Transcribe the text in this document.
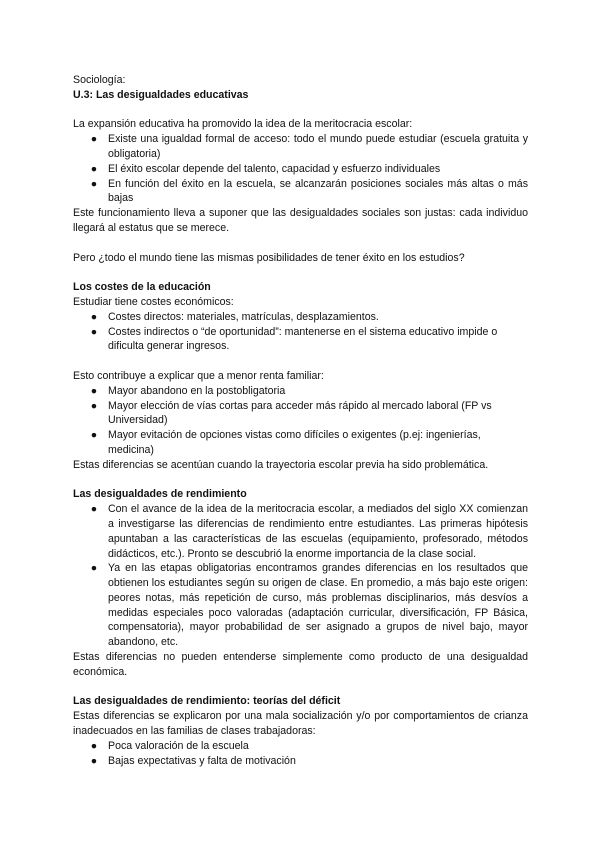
Sociología:

U.3: Las desigualdades educativas

La expansión educativa ha promovido la idea de la meritocracia escolar:

● Existe una igualdad formal de acceso: todo el mundo puede estudiar (escuela gratuita y obligatoria)
● El éxito escolar depende del talento, capacidad y esfuerzo individuales
● En función del éxito en la escuela, se alcanzarán posiciones sociales más altas o más bajas

Este funcionamiento lleva a suponer que las desigualdades sociales son justas: cada individuo llegará al estatus que se merece.

Pero ¿todo el mundo tiene las mismas posibilidades de tener éxito en los estudios?

Los costes de la educación

Estudiar tiene costes económicos:

● Costes directos: materiales, matrículas, desplazamientos.
● Costes indirectos o “de oportunidad”: mantenerse en el sistema educativo impide o dificulta generar ingresos.

Esto contribuye a explicar que a menor renta familiar:

● Mayor abandono en la postobligatoria
● Mayor elección de vías cortas para acceder más rápido al mercado laboral (FP vs Universidad)
● Mayor evitación de opciones vistas como difíciles o exigentes (p.ej: ingenierías, medicina)

Estas diferencias se acentúan cuando la trayectoria escolar previa ha sido problemática.

Las desigualdades de rendimiento

● Con el avance de la idea de la meritocracia escolar, a mediados del siglo XX comienzan a investigarse las diferencias de rendimiento entre estudiantes. Las primeras hipótesis apuntaban a las características de las escuelas (equipamiento, profesorado, métodos didácticos, etc.). Pronto se descubrió la enorme importancia de la clase social.
● Ya en las etapas obligatorias encontramos grandes diferencias en los resultados que obtienen los estudiantes según su origen de clase. En promedio, a más bajo este origen: peores notas, más repetición de curso, más problemas disciplinarios, más desvíos a medidas especiales poco valoradas (adaptación curricular, diversificación, FP Básica, compensatoria), mayor probabilidad de ser asignado a grupos de nivel bajo, mayor abandono, etc.

Estas diferencias no pueden entenderse simplemente como producto de una desigualdad económica.

Las desigualdades de rendimiento: teorías del déficit

Estas diferencias se explicaron por una mala socialización y/o por comportamientos de crianza inadecuados en las familias de clases trabajadoras:

● Poca valoración de la escuela
● Bajas expectativas y falta de motivación
